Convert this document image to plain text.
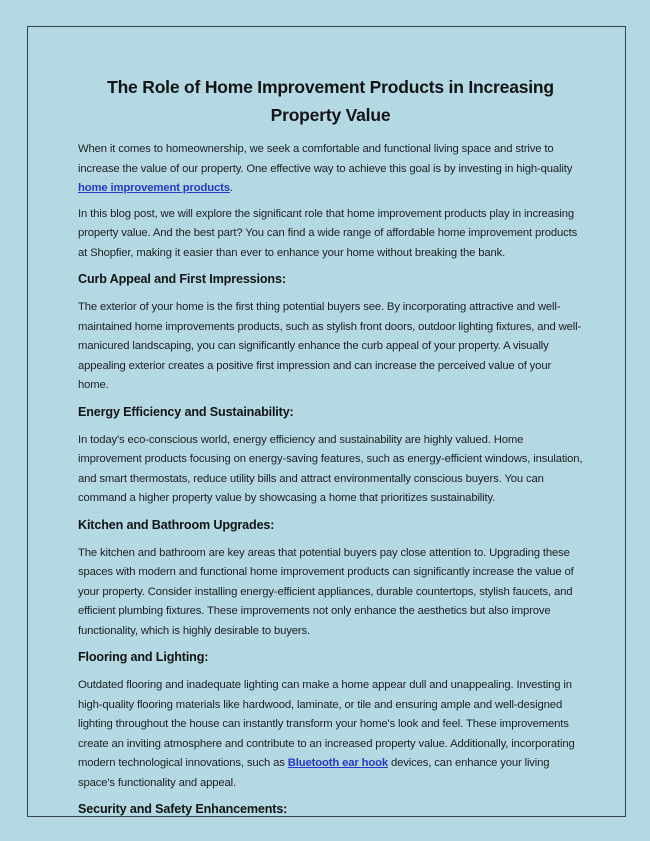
The Role of Home Improvement Products in Increasing
Property Value

When it comes to homeownership, we seek a comfortable and functional living space and strive to increase the value of our property. One effective way to achieve this goal is by investing in high-quality home improvement products.

In this blog post, we will explore the significant role that home improvement products play in increasing property value. And the best part? You can find a wide range of affordable home improvement products at Shopfier, making it easier than ever to enhance your home without breaking the bank.

Curb Appeal and First Impressions:

The exterior of your home is the first thing potential buyers see. By incorporating attractive and well-maintained home improvements products, such as stylish front doors, outdoor lighting fixtures, and well-manicured landscaping, you can significantly enhance the curb appeal of your property. A visually appealing exterior creates a positive first impression and can increase the perceived value of your home.

Energy Efficiency and Sustainability:

In today's eco-conscious world, energy efficiency and sustainability are highly valued. Home improvement products focusing on energy-saving features, such as energy-efficient windows, insulation, and smart thermostats, reduce utility bills and attract environmentally conscious buyers. You can command a higher property value by showcasing a home that prioritizes sustainability.

Kitchen and Bathroom Upgrades:

The kitchen and bathroom are key areas that potential buyers pay close attention to. Upgrading these spaces with modern and functional home improvement products can significantly increase the value of your property. Consider installing energy-efficient appliances, durable countertops, stylish faucets, and efficient plumbing fixtures. These improvements not only enhance the aesthetics but also improve functionality, which is highly desirable to buyers.

Flooring and Lighting:

Outdated flooring and inadequate lighting can make a home appear dull and unappealing. Investing in high-quality flooring materials like hardwood, laminate, or tile and ensuring ample and well-designed lighting throughout the house can instantly transform your home's look and feel. These improvements create an inviting atmosphere and contribute to an increased property value. Additionally, incorporating modern technological innovations, such as Bluetooth ear hook devices, can enhance your living space's functionality and appeal.

Security and Safety Enhancements:
